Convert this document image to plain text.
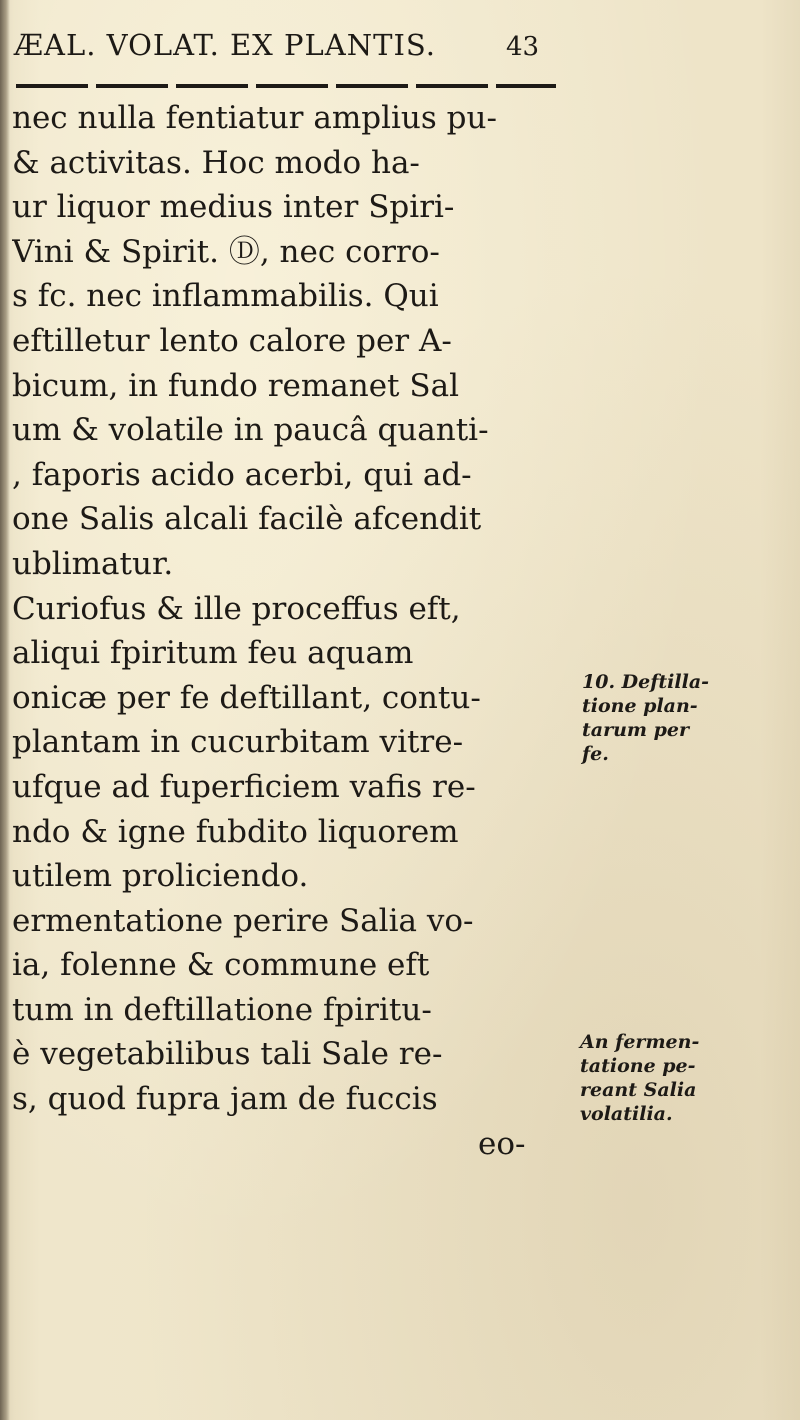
ÆAL. VOLAT. EX PLANTIS.	43
nec nulla fentiatur amplius pu-
& activitas. Hoc modo ha-
ur liquor medius inter Spiri-
Vini & Spirit. Ⓓ, nec corro-
s fc. nec inflammabilis. Qui
eftilletur lento calore per A-
bicum, in fundo remanet Sal
um & volatile in paucâ quanti-
, faporis acido acerbi, qui ad-
one Salis alcali facilè afcendit
ublimatur.
Curiofus & ille proceffus eft,
aliqui fpiritum feu aquam
onicæ per fe deftillant, contu-
plantam in cucurbitam vitre-
ufque ad fuperficiem vafis re-
ndo & igne fubdito liquorem
utilem proliciendo.
ermentatione perire Salia vo-
ia, folenne & commune eft
tum in deftillatione fpiritu-
è vegetabilibus tali Sale re-
s, quod fupra jam de fuccis
eo-
10. Deftilla-
tione plan-
tarum per
fe.
An fermen-
tatione pe-
reant Salia
volatilia.
